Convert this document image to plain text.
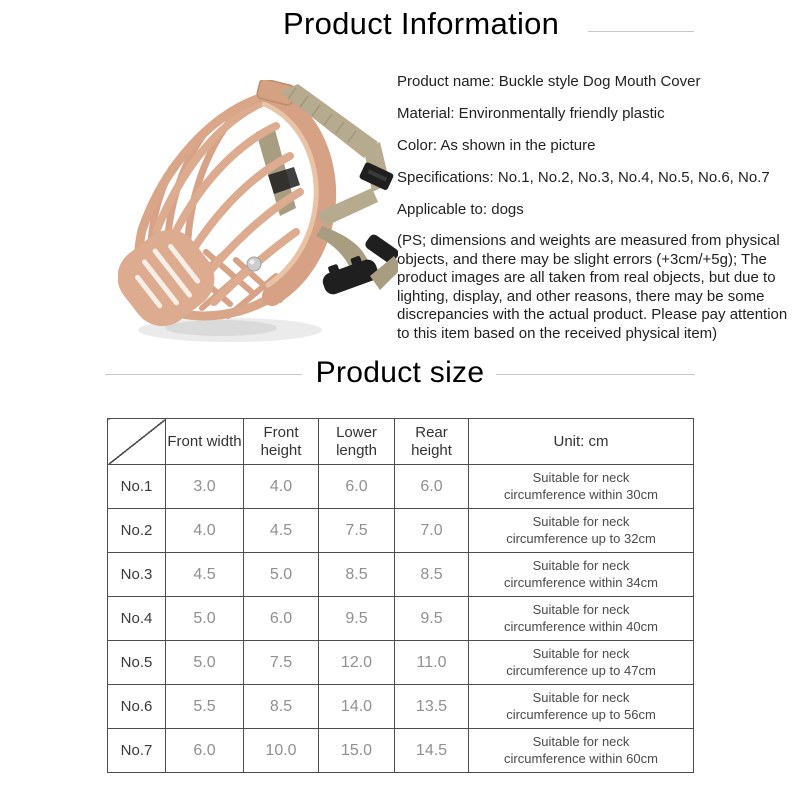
Product Information

Product name: Buckle style Dog Mouth Cover

Material: Environmentally friendly plastic

Color: As shown in the picture

Specifications: No.1, No.2, No.3, No.4, No.5, No.6, No.7

Applicable to: dogs

(PS; dimensions and weights are measured from physical objects, and there may be slight errors (+3cm/+5g); The product images are all taken from real objects, but due to lighting, display, and other reasons, there may be some discrepancies with the actual product. Please pay attention to this item based on the received physical item)

Product size
	Front width	Front height	Lower length	Rear height	Unit: cm
No.1	3.0	4.0	6.0	6.0	Suitable for neck circumference within 30cm
No.2	4.0	4.5	7.5	7.0	Suitable for neck circumference up to 32cm
No.3	4.5	5.0	8.5	8.5	Suitable for neck circumference within 34cm
No.4	5.0	6.0	9.5	9.5	Suitable for neck circumference within 40cm
No.5	5.0	7.5	12.0	11.0	Suitable for neck circumference up to 47cm
No.6	5.5	8.5	14.0	13.5	Suitable for neck circumference up to 56cm
No.7	6.0	10.0	15.0	14.5	Suitable for neck circumference within 60cm
